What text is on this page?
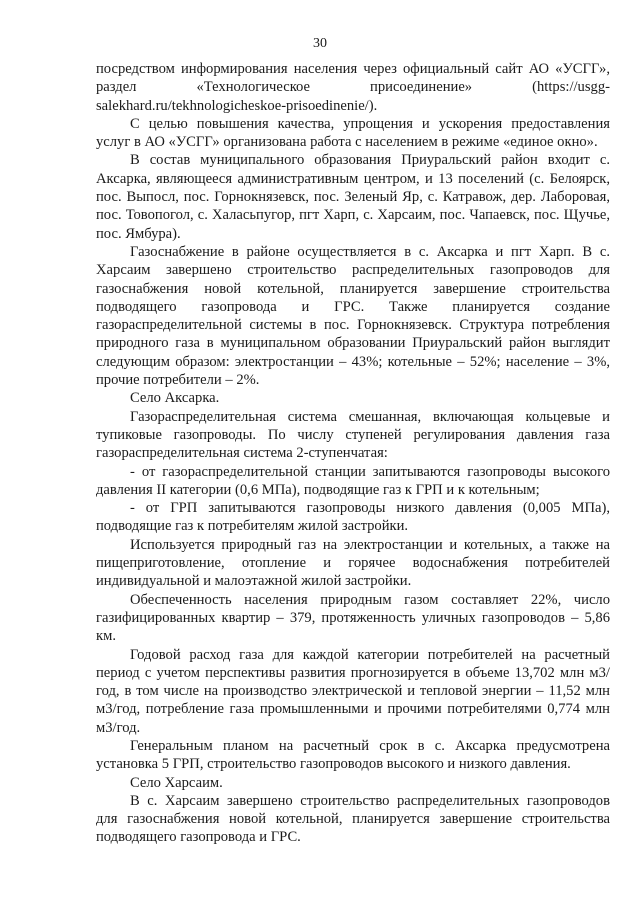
30

посредством информирования населения через официальный сайт АО «УСГГ», раздел «Технологическое присоединение» (https://usgg-salekhard.ru/tekhnologicheskoe-prisoedinenie/).

С целью повышения качества, упрощения и ускорения предоставления услуг в АО «УСГГ» организована работа с населением в режиме «единое окно».

В состав муниципального образования Приуральский район входит с. Аксарка, являющееся административным центром, и 13 поселений (с. Белоярск, пос. Выпосл, пос. Горнокнязевск, пос. Зеленый Яр, с. Катравож, дер. Лаборовая, пос. Товопогол, с. Халасьпугор, пгт Харп, с. Харсаим, пос. Чапаевск, пос. Щучье, пос. Ямбура).

Газоснабжение в районе осуществляется в с. Аксарка и пгт Харп. В с. Харсаим завершено строительство распределительных газопроводов для газоснабжения новой котельной, планируется завершение строительства подводящего газопровода и ГРС. Также планируется создание газораспределительной системы в пос. Горнокнязевск. Структура потребления природного газа в муниципальном образовании Приуральский район выглядит следующим образом: электростанции – 43%; котельные – 52%; население – 3%, прочие потребители – 2%.

Село Аксарка.

Газораспределительная система смешанная, включающая кольцевые и тупиковые газопроводы. По числу ступеней регулирования давления газа газораспределительная система 2-ступенчатая:

- от газораспределительной станции запитываются газопроводы высокого давления II категории (0,6 МПа), подводящие газ к ГРП и к котельным;

- от ГРП запитываются газопроводы низкого давления (0,005 МПа), подводящие газ к потребителям жилой застройки.

Используется природный газ на электростанции и котельных, а также на пищеприготовление, отопление и горячее водоснабжения потребителей индивидуальной и малоэтажной жилой застройки.

Обеспеченность населения природным газом составляет 22%, число газифицированных квартир – 379, протяженность уличных газопроводов – 5,86 км.

Годовой расход газа для каждой категории потребителей на расчетный период с учетом перспективы развития прогнозируется в объеме 13,702 млн м3/год, в том числе на производство электрической и тепловой энергии – 11,52 млн м3/год, потребление газа промышленными и прочими потребителями 0,774 млн м3/год.

Генеральным планом на расчетный срок в с. Аксарка предусмотрена установка 5 ГРП, строительство газопроводов высокого и низкого давления.

Село Харсаим.

В с. Харсаим завершено строительство распределительных газопроводов для газоснабжения новой котельной, планируется завершение строительства подводящего газопровода и ГРС.
